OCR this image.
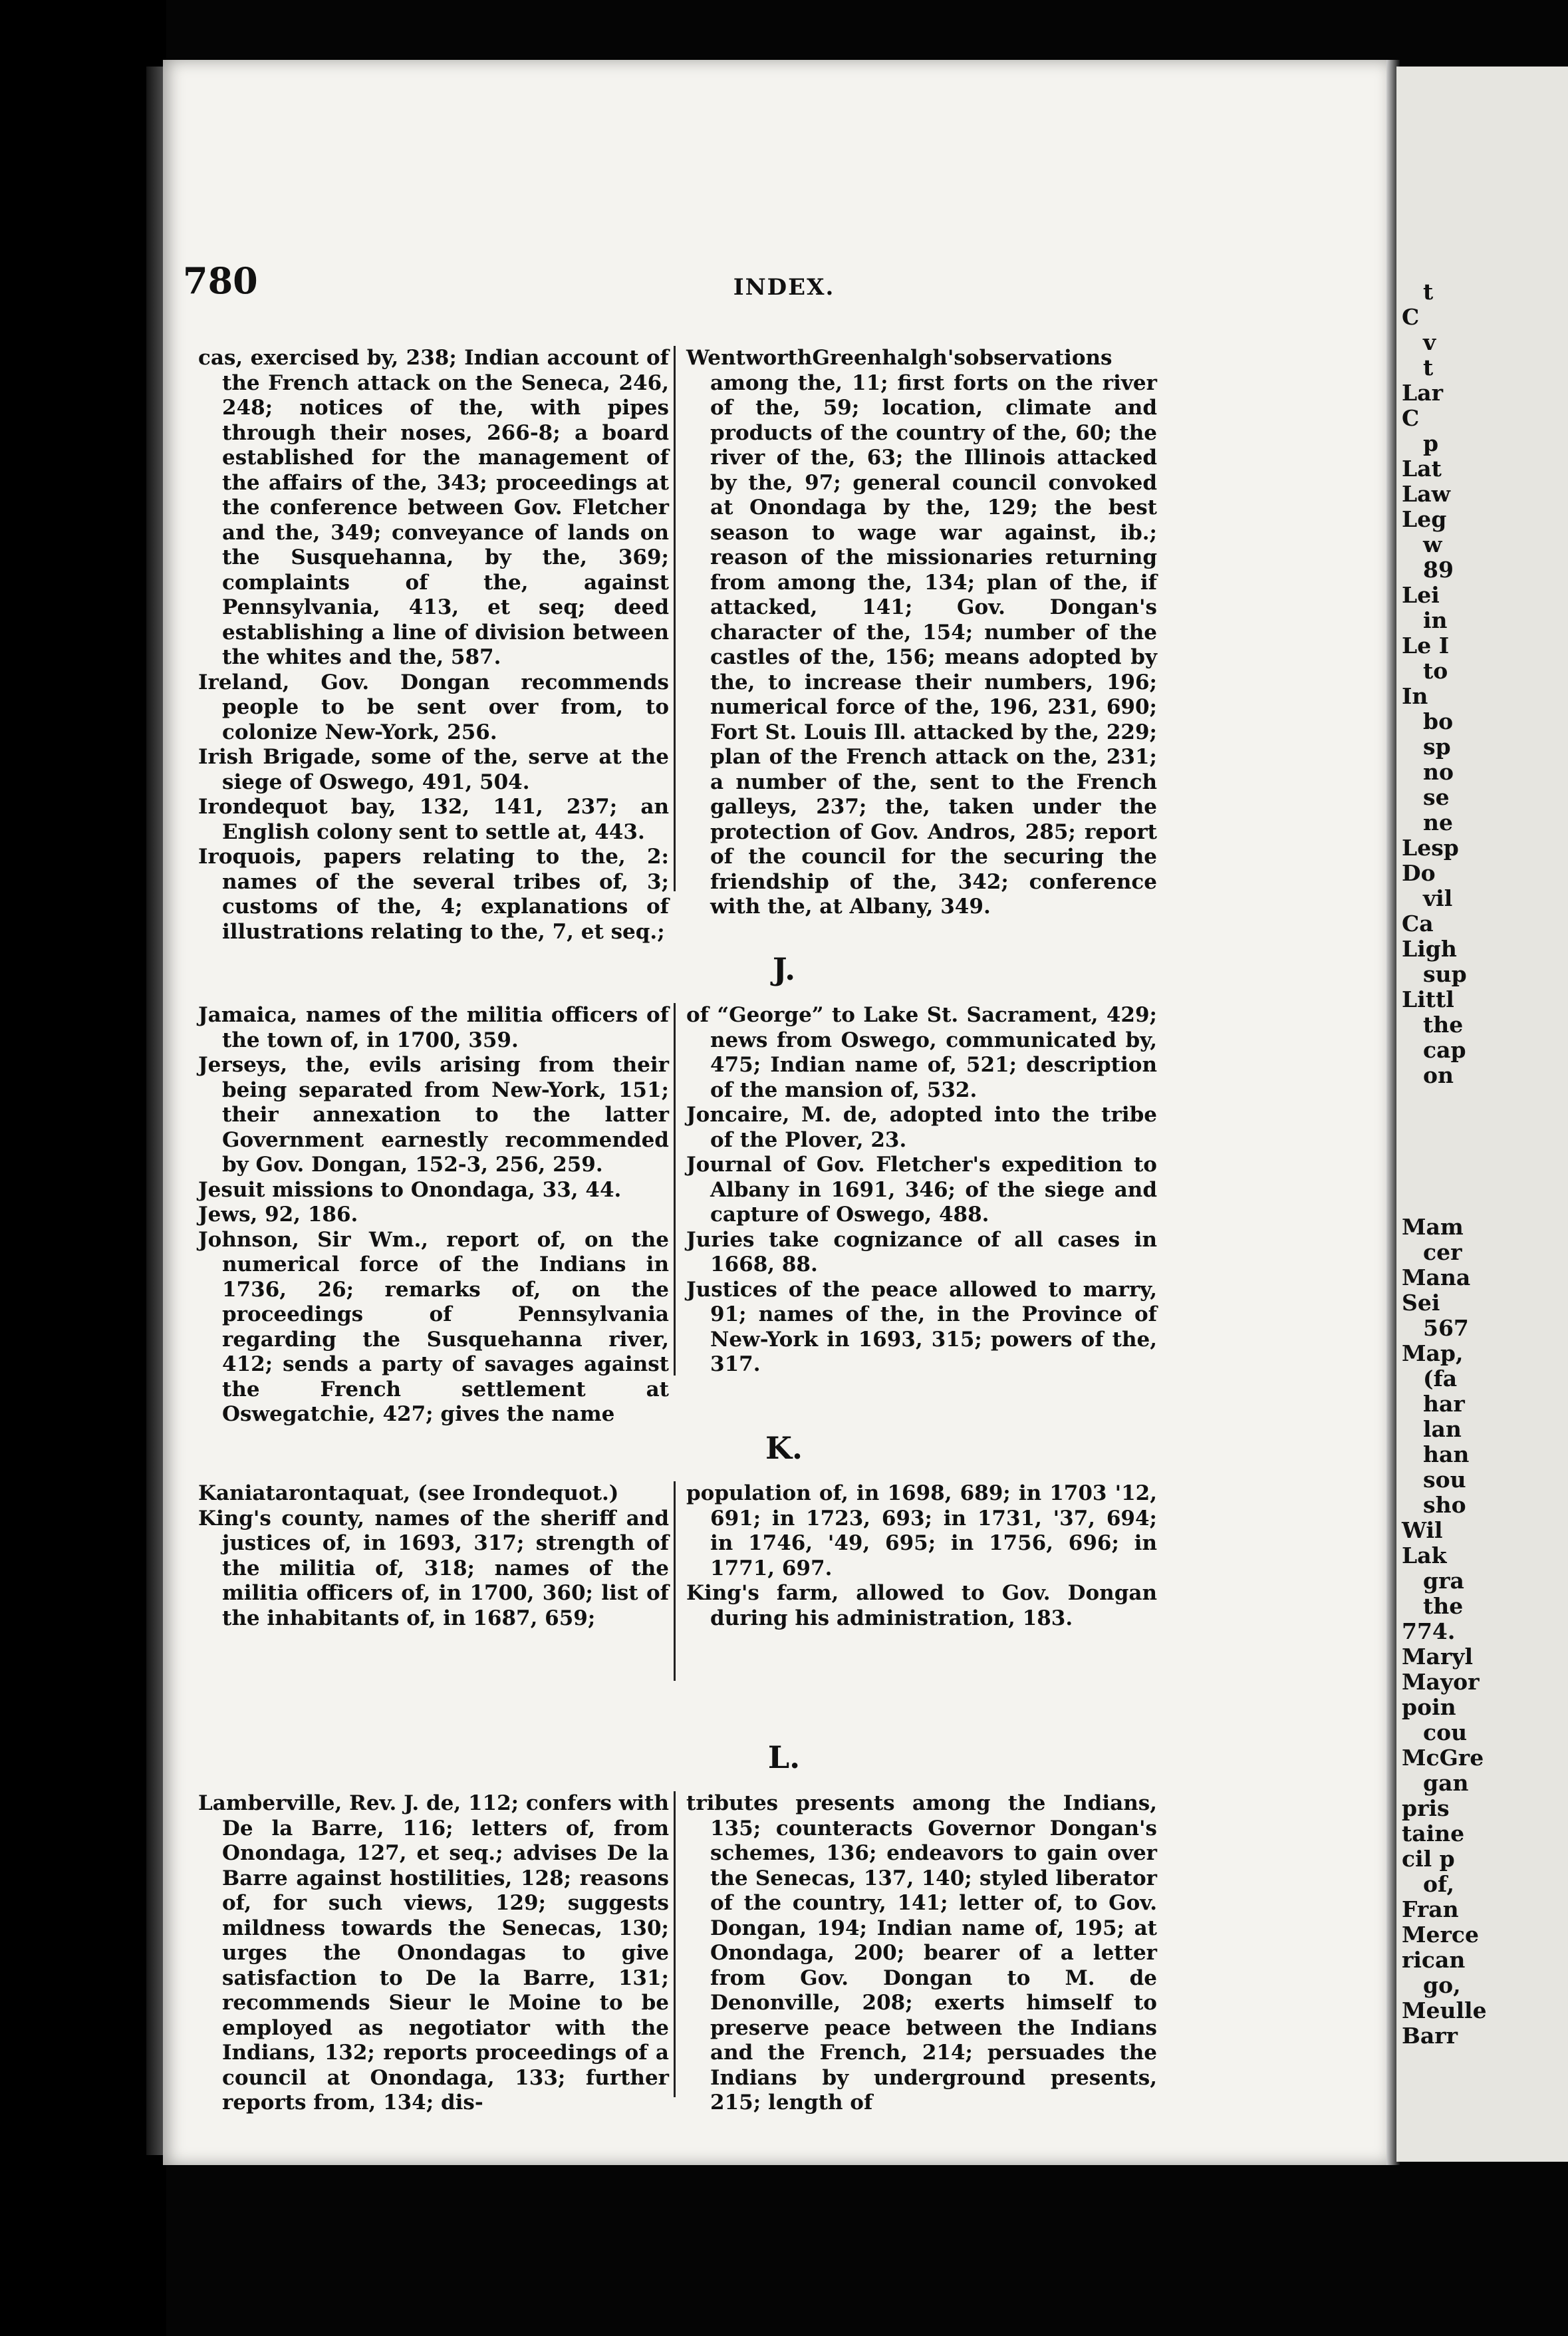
t
C
v
t
Lar
C
p
Lat
Law
Leg
w
89
Lei
in
Le I
to
In
bo
sp
no
se
ne
Lesp
Do
vil
Ca
Ligh
sup
Littl
the
cap
on
Mam
cer
Mana
Sei
567
Map,
(fa
har
lan
han
sou
sho
Wil
Lak
gra
the
774.
Maryl
Mayor
poin
cou
McGre
gan
pris
taine
cil p
of,
Fran
Merce
rican
go,
Meulle
Barr
780	INDEX.

cas, exercised by, 238; Indian account of the French attack on the Seneca, 246, 248; notices of the, with pipes through their noses, 266-8; a board established for the management of the affairs of the, 343; proceedings at the conference between Gov. Fletcher and the, 349; conveyance of lands on the Susquehanna, by the, 369; complaints of the, against Pennsylvania, 413, et seq; deed establishing a line of division between the whites and the, 587.

Ireland, Gov. Dongan recommends people to be sent over from, to colonize New-York, 256.

Irish Brigade, some of the, serve at the siege of Oswego, 491, 504.

Irondequot bay, 132, 141, 237; an English colony sent to settle at, 443.

Iroquois, papers relating to the, 2: names of the several tribes of, 3; customs of the, 4; explanations of illustrations relating to the, 7, et seq.;

WentworthGreenhalgh'sobservations among the, 11; first forts on the river of the, 59; location, climate and products of the country of the, 60; the river of the, 63; the Illinois attacked by the, 97; general council convoked at Onondaga by the, 129; the best season to wage war against, ib.; reason of the missionaries returning from among the, 134; plan of the, if attacked, 141; Gov. Dongan's character of the, 154; number of the castles of the, 156; means adopted by the, to increase their numbers, 196; numerical force of the, 196, 231, 690; Fort St. Louis Ill. attacked by the, 229; plan of the French attack on the, 231; a number of the, sent to the French galleys, 237; the, taken under the protection of Gov. Andros, 285; report of the council for the securing the friendship of the, 342; conference with the, at Albany, 349.

J.

Jamaica, names of the militia officers of the town of, in 1700, 359.

Jerseys, the, evils arising from their being separated from New-York, 151; their annexation to the latter Government earnestly recommended by Gov. Dongan, 152-3, 256, 259.

Jesuit missions to Onondaga, 33, 44.

Jews, 92, 186.

Johnson, Sir Wm., report of, on the numerical force of the Indians in 1736, 26; remarks of, on the proceedings of Pennsylvania regarding the Susquehanna river, 412; sends a party of savages against the French settlement at Oswegatchie, 427; gives the name

of “George” to Lake St. Sacrament, 429; news from Oswego, communicated by, 475; Indian name of, 521; description of the mansion of, 532.

Joncaire, M. de, adopted into the tribe of the Plover, 23.

Journal of Gov. Fletcher's expedition to Albany in 1691, 346; of the siege and capture of Oswego, 488.

Juries take cognizance of all cases in 1668, 88.

Justices of the peace allowed to marry, 91; names of the, in the Province of New-York in 1693, 315; powers of the, 317.

K.

Kaniatarontaquat, (see Irondequot.)

King's county, names of the sheriff and justices of, in 1693, 317; strength of the militia of, 318; names of the militia officers of, in 1700, 360; list of the inhabitants of, in 1687, 659;

population of, in 1698, 689; in 1703 '12, 691; in 1723, 693; in 1731, '37, 694; in 1746, '49, 695; in 1756, 696; in 1771, 697.

King's farm, allowed to Gov. Dongan during his administration, 183.

L.

Lamberville, Rev. J. de, 112; confers with De la Barre, 116; letters of, from Onondaga, 127, et seq.; advises De la Barre against hostilities, 128; reasons of, for such views, 129; suggests mildness towards the Senecas, 130; urges the Onondagas to give satisfaction to De la Barre, 131; recommends Sieur le Moine to be employed as negotiator with the Indians, 132; reports proceedings of a council at Onondaga, 133; further reports from, 134; dis-

tributes presents among the Indians, 135; counteracts Governor Dongan's schemes, 136; endeavors to gain over the Senecas, 137, 140; styled liberator of the country, 141; letter of, to Gov. Dongan, 194; Indian name of, 195; at Onondaga, 200; bearer of a letter from Gov. Dongan to M. de Denonville, 208; exerts himself to preserve peace between the Indians and the French, 214; persuades the Indians by underground presents, 215; length of
